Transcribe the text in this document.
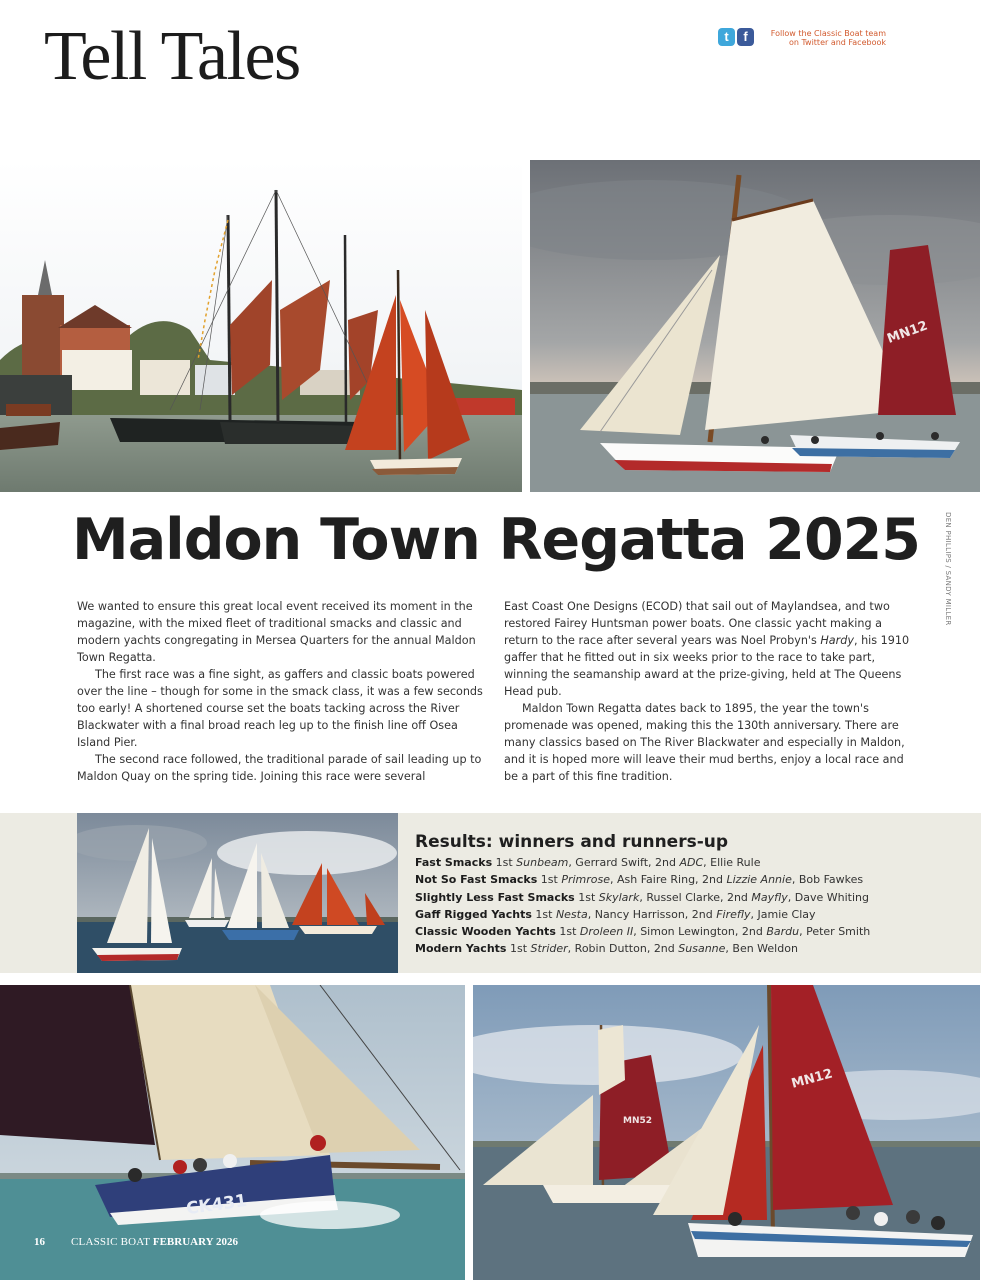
Tell Tales	t	f	Follow the Classic Boat team on Twitter and Facebook
MN12
Maldon Town Regatta 2025	DEN PHILLIPS / SANDY MILLER

We wanted to ensure this great local event received its moment in the magazine, with the mixed fleet of traditional smacks and classic and modern yachts congregating in Mersea Quarters for the annual Maldon Town Regatta.

The first race was a fine sight, as gaffers and classic boats powered over the line – though for some in the smack class, it was a few seconds too early! A shortened course set the boats tacking across the River Blackwater with a final broad reach leg up to the finish line off Osea Island Pier.

The second race followed, the traditional parade of sail leading up to Maldon Quay on the spring tide. Joining this race were several

East Coast One Designs (ECOD) that sail out of Maylandsea, and two restored Fairey Huntsman power boats. One classic yacht making a return to the race after several years was Noel Probyn's Hardy, his 1910 gaffer that he fitted out in six weeks prior to the race to take part, winning the seamanship award at the prize-giving, held at The Queens Head pub.

Maldon Town Regatta dates back to 1895, the year the town's promenade was opened, making this the 130th anniversary. There are many classics based on The River Blackwater and especially in Maldon, and it is hoped more will leave their mud berths, enjoy a local race and be a part of this fine tradition.

Results: winners and runners-up
Fast Smacks 1st Sunbeam, Gerrard Swift, 2nd ADC, Ellie Rule
Not So Fast Smacks 1st Primrose, Ash Faire Ring, 2nd Lizzie Annie, Bob Fawkes
Slightly Less Fast Smacks 1st Skylark, Russel Clarke, 2nd Mayfly, Dave Whiting
Gaff Rigged Yachts 1st Nesta, Nancy Harrisson, 2nd Firefly, Jamie Clay
Classic Wooden Yachts 1st Droleen II, Simon Lewington, 2nd Bardu, Peter Smith
Modern Yachts 1st Strider, Robin Dutton, 2nd Susanne, Ben Weldon
CK431
MN52
MN12
16 CLASSIC BOAT FEBRUARY 2026
